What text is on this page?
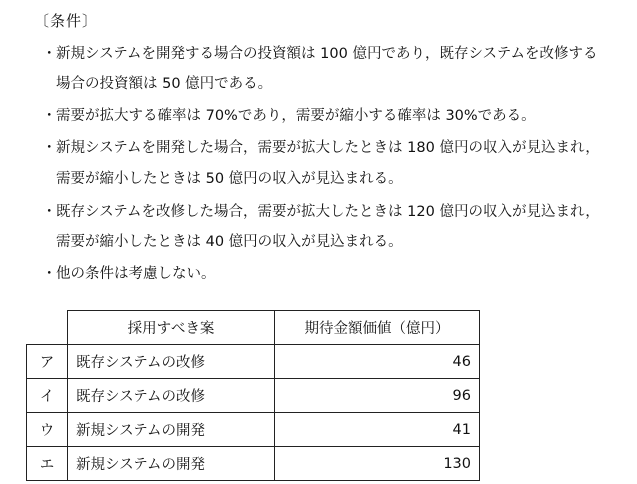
〔条件〕
・新規システムを開発する場合の投資額は 100 億円であり，既存システムを改修する
場合の投資額は 50 億円である。
・需要が拡大する確率は 70%であり，需要が縮小する確率は 30%である。
・新規システムを開発した場合，需要が拡大したときは 180 億円の収入が見込まれ，
需要が縮小したときは 50 億円の収入が見込まれる。
・既存システムを改修した場合，需要が拡大したときは 120 億円の収入が見込まれ，
需要が縮小したときは 40 億円の収入が見込まれる。
・他の条件は考慮しない。
	採用すべき案	期待金額価値（億円）
ア	既存システムの改修	46
イ	既存システムの改修	96
ウ	新規システムの開発	41
エ	新規システムの開発	130
